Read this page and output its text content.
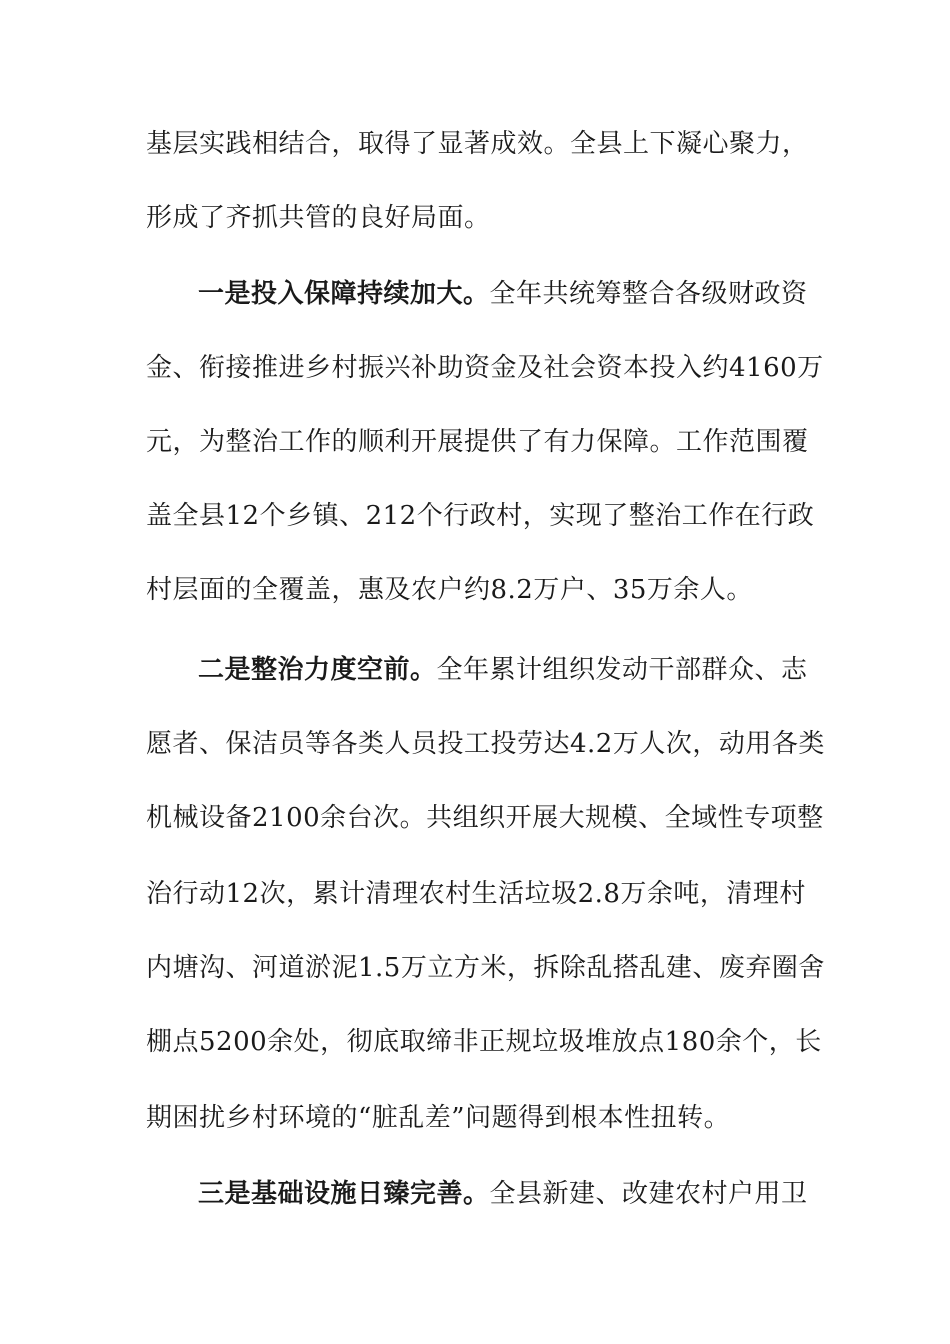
基层实践相结合，取得了显著成效。全县上下凝心聚力，
形成了齐抓共管的良好局面。
一是投入保障持续加大。全年共统筹整合各级财政资
金、衔接推进乡村振兴补助资金及社会资本投入约4160万
元，为整治工作的顺利开展提供了有力保障。工作范围覆
盖全县12个乡镇、212个行政村，实现了整治工作在行政
村层面的全覆盖，惠及农户约8.2万户、35万余人。
二是整治力度空前。全年累计组织发动干部群众、志
愿者、保洁员等各类人员投工投劳达4.2万人次，动用各类
机械设备2100余台次。共组织开展大规模、全域性专项整
治行动12次，累计清理农村生活垃圾2.8万余吨，清理村
内塘沟、河道淤泥1.5万立方米，拆除乱搭乱建、废弃圈舍
棚点5200余处，彻底取缔非正规垃圾堆放点180余个，长
期困扰乡村环境的“脏乱差”问题得到根本性扭转。
三是基础设施日臻完善。全县新建、改建农村户用卫
